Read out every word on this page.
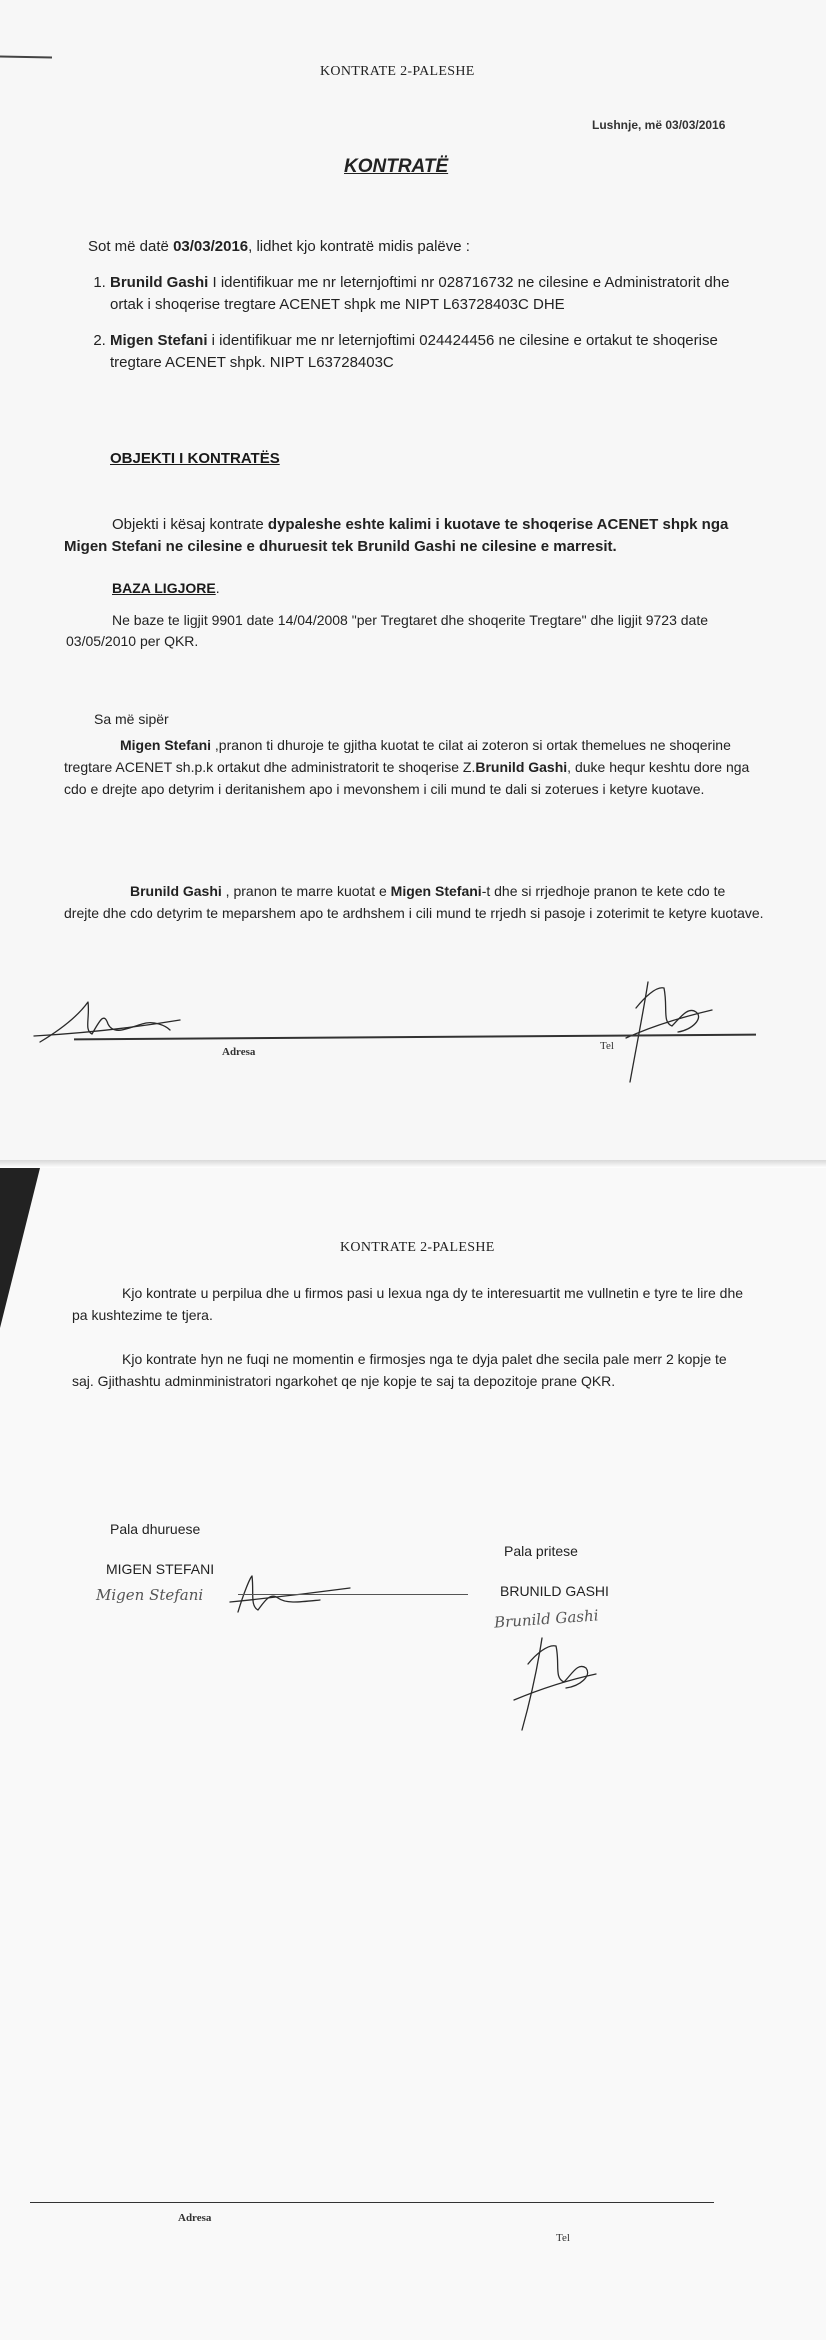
KONTRATE 2-PALESHE
Lushnje, më 03/03/2016
KONTRATË
Sot më datë 03/03/2016, lidhet kjo kontratë midis palëve :
1. Brunild Gashi I identifikuar me nr leternjoftimi nr 028716732 ne cilesine e Administratorit dhe ortak i shoqerise tregtare ACENET shpk me NIPT L63728403C DHE
2. Migen Stefani i identifikuar me nr leternjoftimi 024424456 ne cilesine e ortakut te shoqerise tregtare ACENET shpk. NIPT L63728403C
OBJEKTI I KONTRATËS
Objekti i kësaj kontrate dypaleshe eshte kalimi i kuotave te shoqerise ACENET shpk nga Migen Stefani ne cilesine e dhuruesit tek Brunild Gashi ne cilesine e marresit.
BAZA LIGJORE.
Ne baze te ligjit 9901 date 14/04/2008 "per Tregtaret dhe shoqerite Tregtare" dhe ligjit 9723 date 03/05/2010 per QKR.
Sa më sipër
Migen Stefani ,pranon ti dhuroje te gjitha kuotat te cilat ai zoteron si ortak themelues ne shoqerine tregtare ACENET sh.p.k ortakut dhe administratorit te shoqerise Z.Brunild Gashi, duke hequr keshtu dore nga cdo e drejte apo detyrim i deritanishem apo i mevonshem i cili mund te dali si zoterues i ketyre kuotave.
Brunild Gashi , pranon te marre kuotat e Migen Stefani-t dhe si rrjedhoje pranon te kete cdo te drejte dhe cdo detyrim te meparshem apo te ardhshem i cili mund te rrjedh si pasoje i zoterimit te ketyre kuotave.
Adresa	Tel
KONTRATE 2-PALESHE
Kjo kontrate u perpilua dhe u firmos pasi u lexua nga dy te interesuartit me vullnetin e tyre te lire dhe pa kushtezime te tjera.
Kjo kontrate hyn ne fuqi ne momentin e firmosjes nga te dyja palet dhe secila pale merr 2 kopje te saj. Gjithashtu adminministratori ngarkohet qe nje kopje te saj ta depozitoje prane QKR.
Pala dhuruese
MIGEN STEFANI
Migen Stefani
Pala pritese
BRUNILD GASHI
Brunild Gashi
Adresa
Tel
